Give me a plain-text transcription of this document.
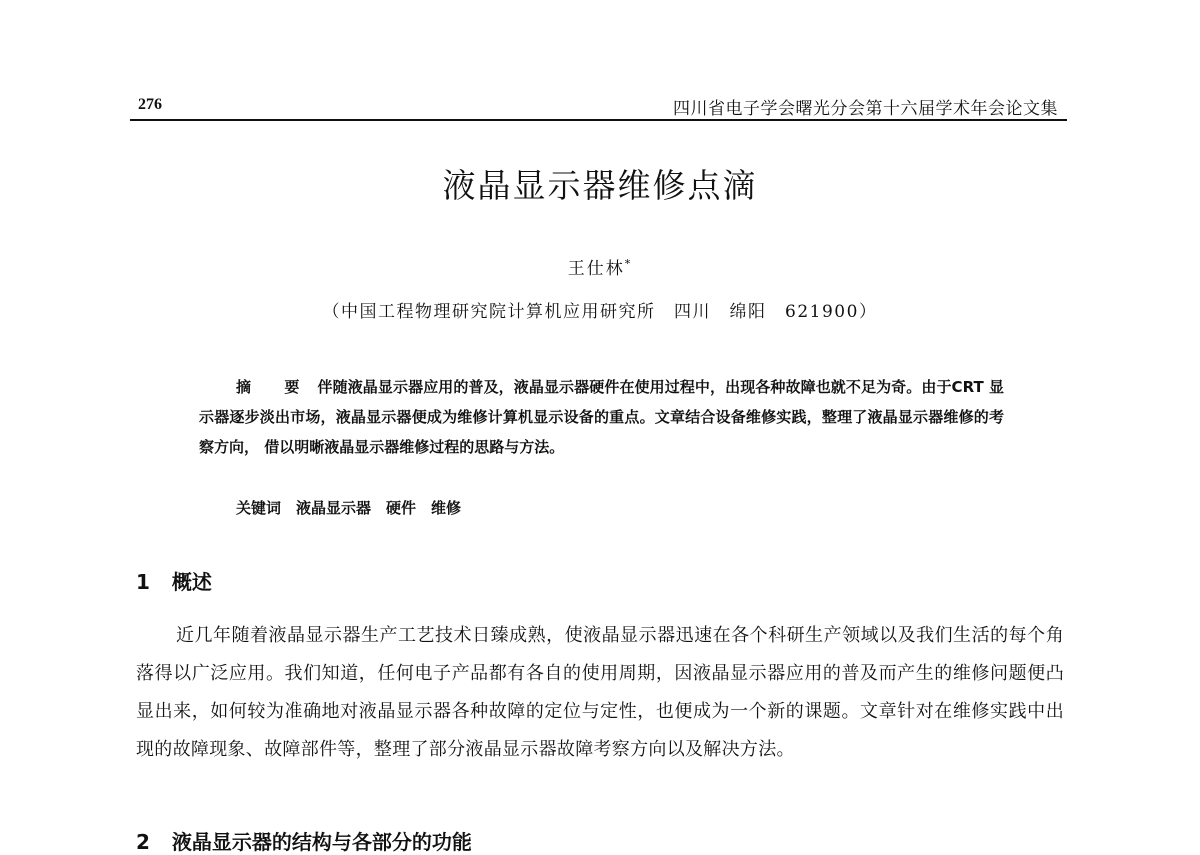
276	四川省电子学会曙光分会第十六届学术年会论文集
液晶显示器维修点滴
王仕林*
（中国工程物理研究院计算机应用研究所　四川　绵阳　621900）
摘 要 伴随液晶显示器应用的普及，液晶显示器硬件在使用过程中，出现各种故障也就不足为奇。由于CRT 显示器逐步淡出市场，液晶显示器便成为维修计算机显示设备的重点。文章结合设备维修实践，整理了液晶显示器维修的考察方向， 借以明晰液晶显示器维修过程的思路与方法。
关键词　 液晶显示器　硬件　维修
1 概述
近几年随着液晶显示器生产工艺技术日臻成熟，使液晶显示器迅速在各个科研生产领域以及我们生活的每个角落得以广泛应用。我们知道，任何电子产品都有各自的使用周期，因液晶显示器应用的普及而产生的维修问题便凸显出来，如何较为准确地对液晶显示器各种故障的定位与定性，也便成为一个新的课题。文章针对在维修实践中出现的故障现象、故障部件等，整理了部分液晶显示器故障考察方向以及解决方法。
2 液晶显示器的结构与各部分的功能
